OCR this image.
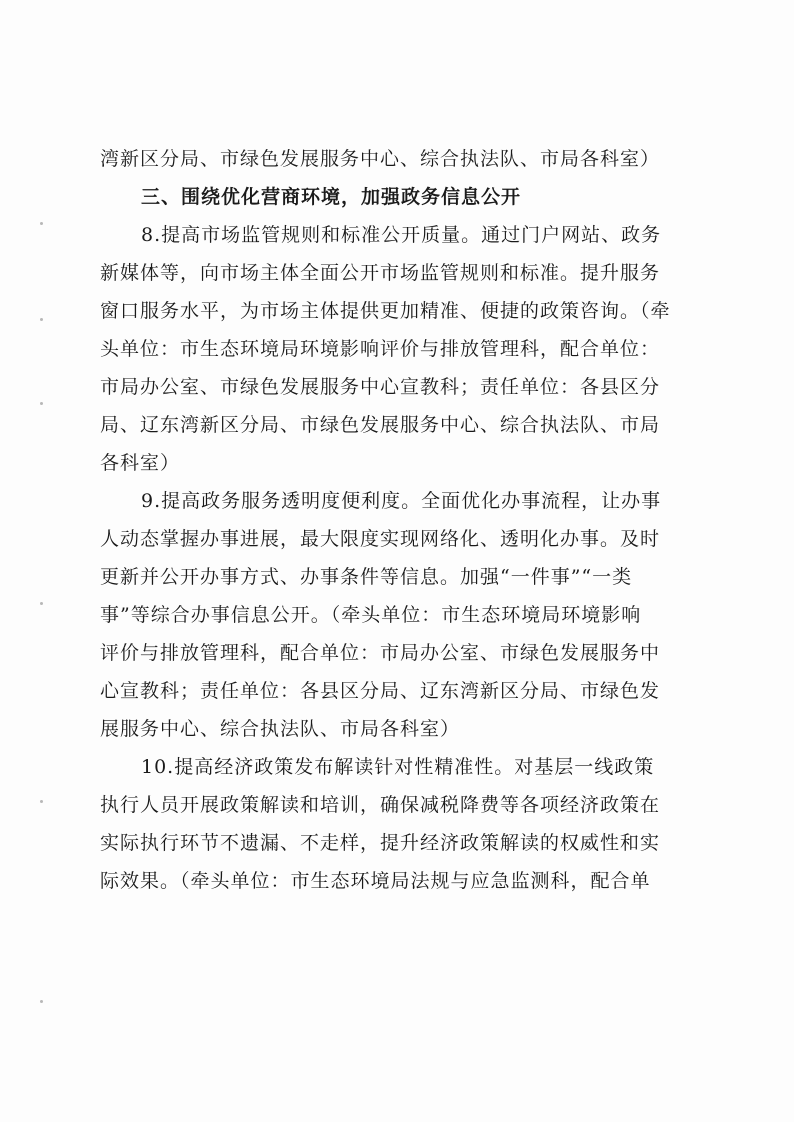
湾新区分局、市绿色发展服务中心、综合执法队、市局各科室）
三、围绕优化营商环境，加强政务信息公开
8.提高市场监管规则和标准公开质量。通过门户网站、政务
新媒体等，向市场主体全面公开市场监管规则和标准。提升服务
窗口服务水平，为市场主体提供更加精准、便捷的政策咨询。（牵
头单位：市生态环境局环境影响评价与排放管理科，配合单位：
市局办公室、市绿色发展服务中心宣教科；责任单位：各县区分
局、辽东湾新区分局、市绿色发展服务中心、综合执法队、市局
各科室）
9.提高政务服务透明度便利度。全面优化办事流程，让办事
人动态掌握办事进展，最大限度实现网络化、透明化办事。及时
更新并公开办事方式、办事条件等信息。加强“一件事”“一类
事”等综合办事信息公开。（牵头单位：市生态环境局环境影响
评价与排放管理科，配合单位：市局办公室、市绿色发展服务中
心宣教科；责任单位：各县区分局、辽东湾新区分局、市绿色发
展服务中心、综合执法队、市局各科室）
10.提高经济政策发布解读针对性精准性。对基层一线政策
执行人员开展政策解读和培训，确保减税降费等各项经济政策在
实际执行环节不遗漏、不走样，提升经济政策解读的权威性和实
际效果。（牵头单位：市生态环境局法规与应急监测科，配合单
